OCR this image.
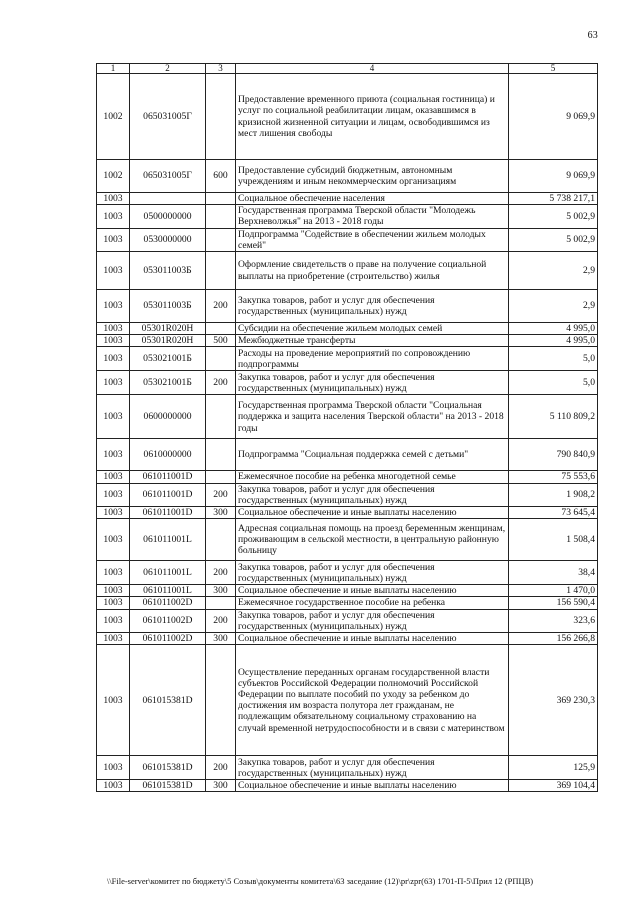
63
1	2	3	4	5
1002	065031005Г		Предоставление временного приюта (социальная гостиница) и услуг по социальной реабилитации лицам, оказавшимся в кризисной жизненной ситуации и лицам, освободившимся из мест лишения свободы	9 069,9
1002	065031005Г	600	Предоставление субсидий бюджетным, автономным учреждениям и иным некоммерческим организациям	9 069,9
1003			Социальное обеспечение населения	5 738 217,1
1003	0500000000		Государственная программа Тверской области "Молодежь Верхневолжья" на 2013 - 2018 годы	5 002,9
1003	0530000000		Подпрограмма "Содействие в обеспечении жильем молодых семей"	5 002,9
1003	053011003Б		Оформление свидетельств о праве на получение социальной выплаты на приобретение (строительство) жилья	2,9
1003	053011003Б	200	Закупка товаров, работ и услуг для обеспечения государственных (муниципальных) нужд	2,9
1003	05301R020H		Субсидии на обеспечение жильем молодых семей	4 995,0
1003	05301R020H	500	Межбюджетные трансферты	4 995,0
1003	053021001Б		Расходы на проведение мероприятий по сопровождению подпрограммы	5,0
1003	053021001Б	200	Закупка товаров, работ и услуг для обеспечения государственных (муниципальных) нужд	5,0
1003	0600000000		Государственная программа Тверской области "Социальная поддержка и защита населения Тверской области" на 2013 - 2018 годы	5 110 809,2
1003	0610000000		Подпрограмма "Социальная поддержка семей с детьми"	790 840,9
1003	061011001D		Ежемесячное пособие на ребенка многодетной семье	75 553,6
1003	061011001D	200	Закупка товаров, работ и услуг для обеспечения государственных (муниципальных) нужд	1 908,2
1003	061011001D	300	Социальное обеспечение и иные выплаты населению	73 645,4
1003	061011001L		Адресная социальная помощь на проезд беременным женщинам, проживающим в сельской местности, в центральную районную больницу	1 508,4
1003	061011001L	200	Закупка товаров, работ и услуг для обеспечения государственных (муниципальных) нужд	38,4
1003	061011001L	300	Социальное обеспечение и иные выплаты населению	1 470,0
1003	061011002D		Ежемесячное государственное пособие на ребенка	156 590,4
1003	061011002D	200	Закупка товаров, работ и услуг для обеспечения государственных (муниципальных) нужд	323,6
1003	061011002D	300	Социальное обеспечение и иные выплаты населению	156 266,8
1003	061015381D		Осуществление переданных органам государственной власти субъектов Российской Федерации полномочий Российской Федерации по выплате пособий по уходу за ребенком до достижения им возраста полутора лет гражданам, не подлежащим обязательному социальному страхованию на случай временной нетрудоспособности и в связи с материнством	369 230,3
1003	061015381D	200	Закупка товаров, работ и услуг для обеспечения государственных (муниципальных) нужд	125,9
1003	061015381D	300	Социальное обеспечение и иные выплаты населению	369 104,4
\\File-server\комитет по бюджету\5 Созыв\документы комитета\63 заседание (12)\pr\zpr(63) 1701-П-5\Прил 12 (РПЦВ)
